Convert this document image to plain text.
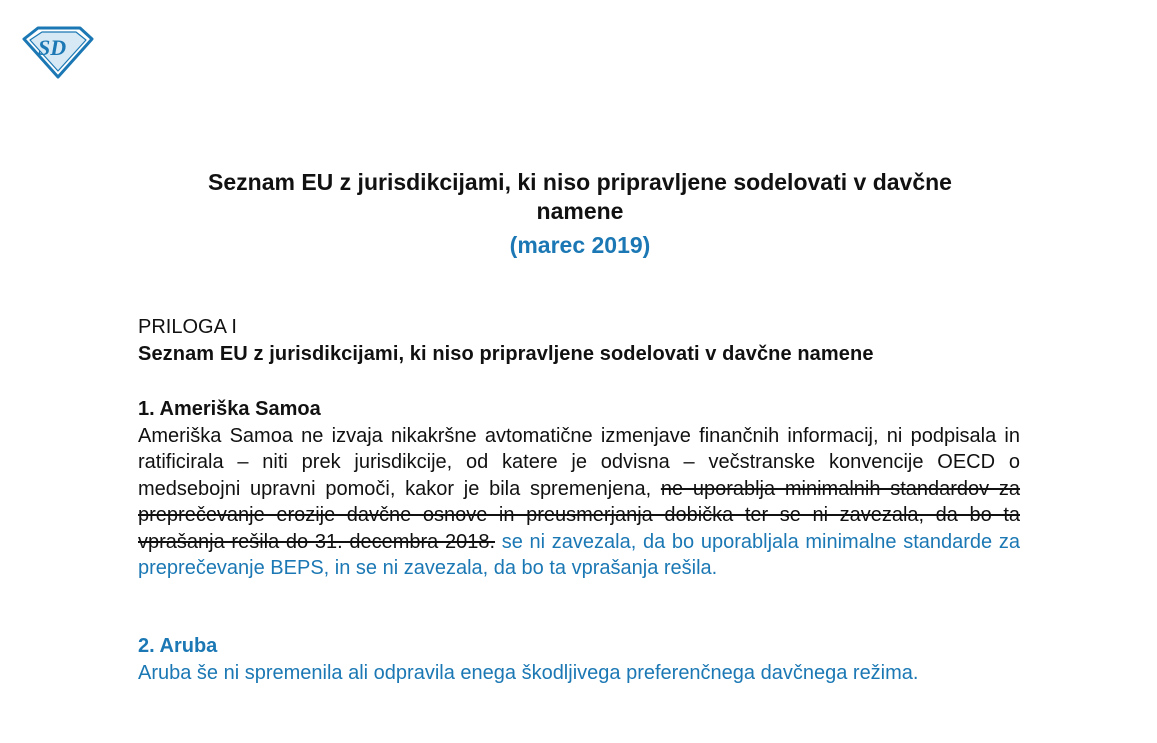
SD
Seznam EU z jurisdikcijami, ki niso pripravljene sodelovati v davčne
namene
(marec 2019)
PRILOGA I
Seznam EU z jurisdikcijami, ki niso pripravljene sodelovati v davčne namene
1. Ameriška Samoa
Ameriška Samoa ne izvaja nikakršne avtomatične izmenjave finančnih informacij, ni podpisala in ratificirala – niti prek jurisdikcije, od katere je odvisna – večstranske konvencije OECD o medsebojni upravni pomoči, kakor je bila spremenjena, ne uporablja minimalnih standardov za preprečevanje erozije davčne osnove in preusmerjanja dobička ter se ni zavezala, da bo ta vprašanja rešila do 31. decembra 2018. se ni zavezala, da bo uporabljala minimalne standarde za preprečevanje BEPS, in se ni zavezala, da bo ta vprašanja rešila.
2. Aruba
Aruba še ni spremenila ali odpravila enega škodljivega preferenčnega davčnega režima.
